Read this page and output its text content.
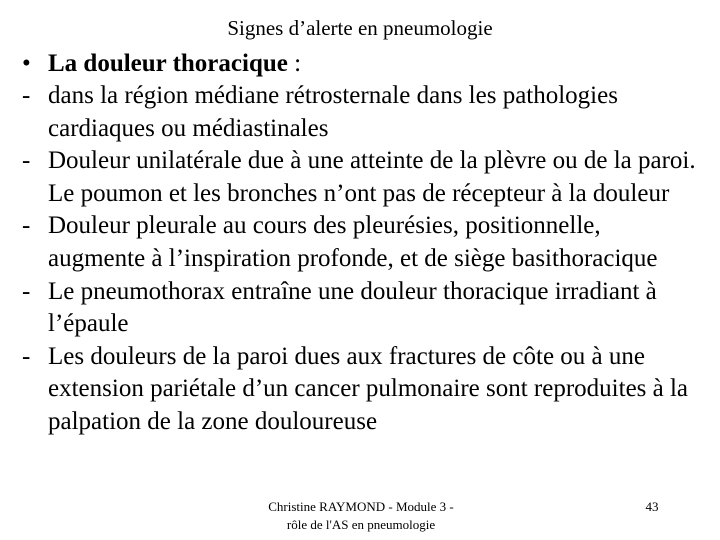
Signes d’alerte en pneumologie
• La douleur thoracique :
- dans la région médiane rétrosternale dans les pathologies cardiaques ou médiastinales
- Douleur unilatérale due à une atteinte de la plèvre ou de la paroi. Le poumon et les bronches n’ont pas de récepteur à la douleur
- Douleur pleurale au cours des pleurésies, positionnelle, augmente à l’inspiration profonde, et de siège basithoracique
- Le pneumothorax entraîne une douleur thoracique irradiant à l’épaule
- Les douleurs de la paroi dues aux fractures de côte ou à une extension pariétale d’un cancer pulmonaire sont reproduites à la palpation de la zone douloureuse
Christine RAYMOND - Module 3 -
rôle de l'AS en pneumologie
43
